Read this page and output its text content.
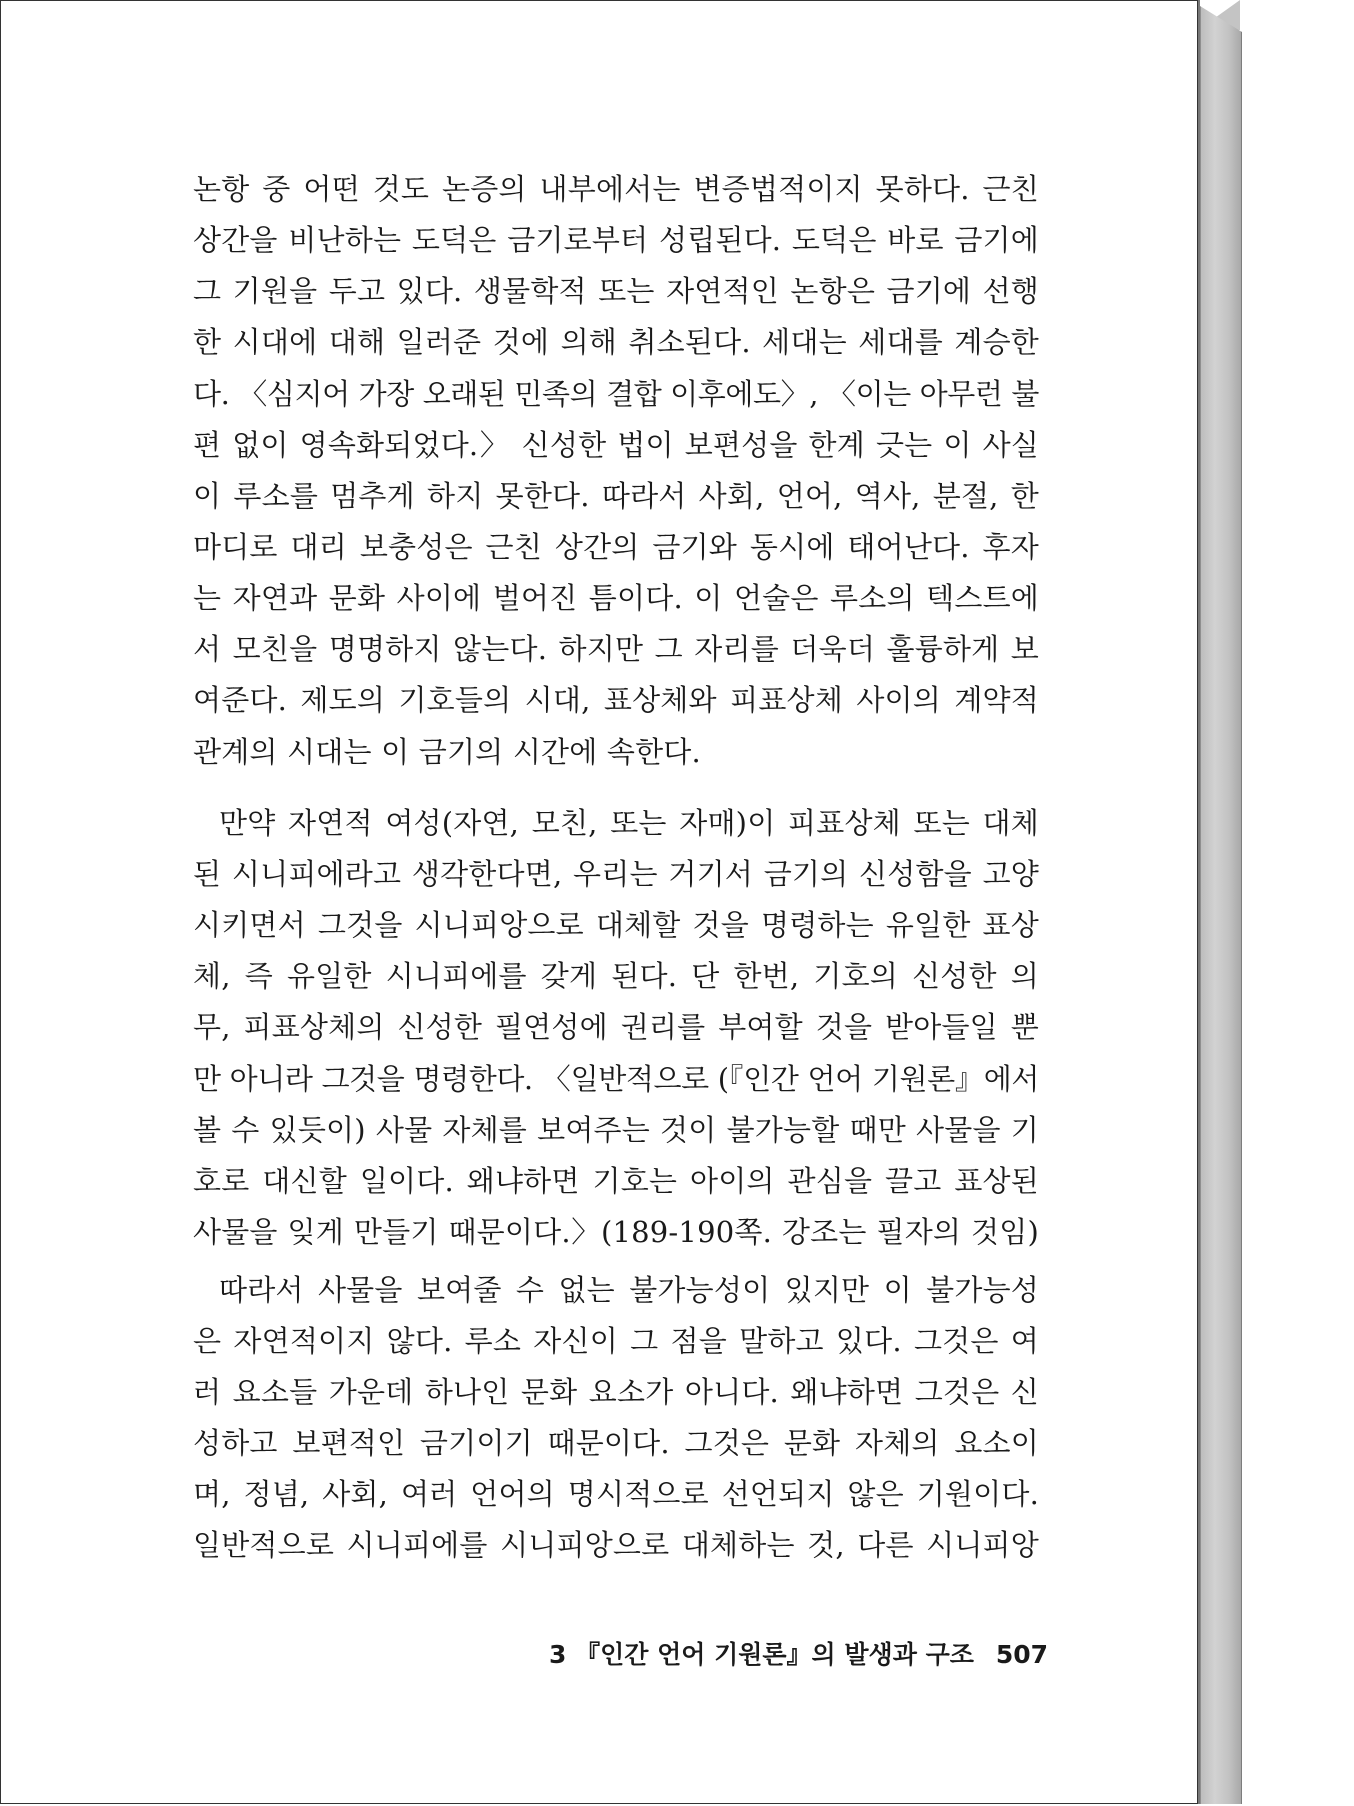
논항 중 어떤 것도 논증의 내부에서는 변증법적이지 못하다. 근친
상간을 비난하는 도덕은 금기로부터 성립된다. 도덕은 바로 금기에
그 기원을 두고 있다. 생물학적 또는 자연적인 논항은 금기에 선행
한 시대에 대해 일러준 것에 의해 취소된다. 세대는 세대를 계승한
다. 〈심지어 가장 오래된 민족의 결합 이후에도〉, 〈이는 아무런 불
편 없이 영속화되었다.〉 신성한 법이 보편성을 한계 긋는 이 사실
이 루소를 멈추게 하지 못한다. 따라서 사회, 언어, 역사, 분절, 한
마디로 대리 보충성은 근친 상간의 금기와 동시에 태어난다. 후자
는 자연과 문화 사이에 벌어진 틈이다. 이 언술은 루소의 텍스트에
서 모친을 명명하지 않는다. 하지만 그 자리를 더욱더 훌륭하게 보
여준다. 제도의 기호들의 시대, 표상체와 피표상체 사이의 계약적
관계의 시대는 이 금기의 시간에 속한다.
만약 자연적 여성(자연, 모친, 또는 자매)이 피표상체 또는 대체
된 시니피에라고 생각한다면, 우리는 거기서 금기의 신성함을 고양
시키면서 그것을 시니피앙으로 대체할 것을 명령하는 유일한 표상
체, 즉 유일한 시니피에를 갖게 된다. 단 한번, 기호의 신성한 의
무, 피표상체의 신성한 필연성에 권리를 부여할 것을 받아들일 뿐
만 아니라 그것을 명령한다. 〈일반적으로 (『인간 언어 기원론』에서
볼 수 있듯이) 사물 자체를 보여주는 것이 불가능할 때만 사물을 기
호로 대신할 일이다. 왜냐하면 기호는 아이의 관심을 끌고 표상된
사물을 잊게 만들기 때문이다.〉(189-190쪽. 강조는 필자의 것임)
따라서 사물을 보여줄 수 없는 불가능성이 있지만 이 불가능성
은 자연적이지 않다. 루소 자신이 그 점을 말하고 있다. 그것은 여
러 요소들 가운데 하나인 문화 요소가 아니다. 왜냐하면 그것은 신
성하고 보편적인 금기이기 때문이다. 그것은 문화 자체의 요소이
며, 정념, 사회, 여러 언어의 명시적으로 선언되지 않은 기원이다.
일반적으로 시니피에를 시니피앙으로 대체하는 것, 다른 시니피앙
3 『인간 언어 기원론』의 발생과 구조 507
